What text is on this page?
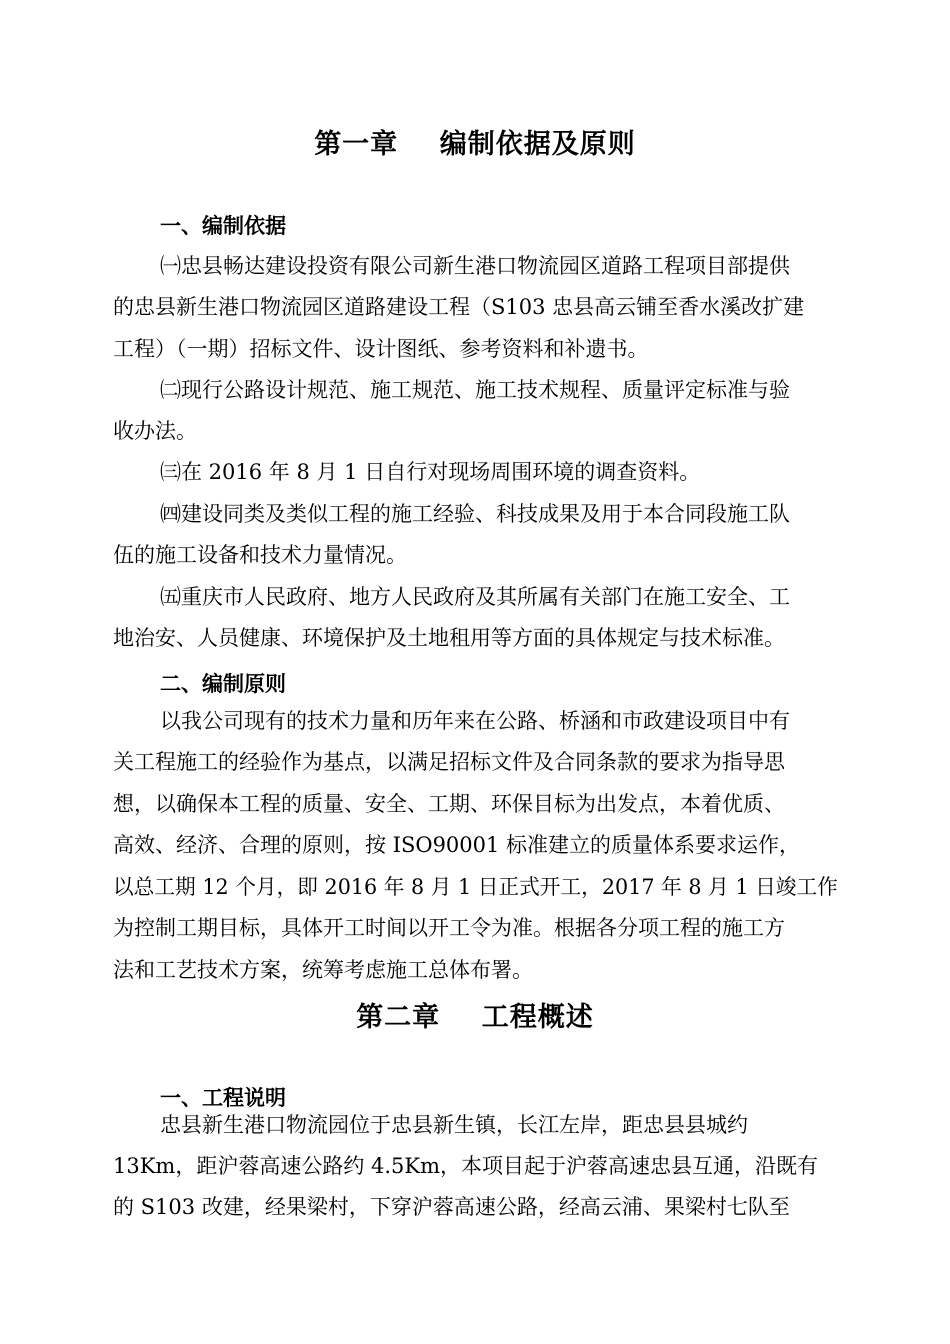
第一章    编制依据及原则
一、编制依据

㈠忠县畅达建设投资有限公司新生港口物流园区道路工程项目部提供

的忠县新生港口物流园区道路建设工程（S103 忠县高云铺至香水溪改扩建

工程）（一期）招标文件、设计图纸、参考资料和补遗书。

㈡现行公路设计规范、施工规范、施工技术规程、质量评定标准与验

收办法。

㈢在 2016 年 8 月 1 日自行对现场周围环境的调查资料。

㈣建设同类及类似工程的施工经验、科技成果及用于本合同段施工队

伍的施工设备和技术力量情况。

㈤重庆市人民政府、地方人民政府及其所属有关部门在施工安全、工

地治安、人员健康、环境保护及土地租用等方面的具体规定与技术标准。

二、编制原则

以我公司现有的技术力量和历年来在公路、桥涵和市政建设项目中有

关工程施工的经验作为基点，以满足招标文件及合同条款的要求为指导思

想，以确保本工程的质量、安全、工期、环保目标为出发点，本着优质、

高效、经济、合理的原则，按 ISO90001 标准建立的质量体系要求运作，

以总工期 12 个月，即 2016 年 8 月 1 日正式开工，2017 年 8 月 1 日竣工作

为控制工期目标，具体开工时间以开工令为准。根据各分项工程的施工方

法和工艺技术方案，统筹考虑施工总体布署。

第二章    工程概述
一、工程说明

忠县新生港口物流园位于忠县新生镇，长江左岸，距忠县县城约

13Km，距沪蓉高速公路约 4.5Km，本项目起于沪蓉高速忠县互通，沿既有

的 S103 改建，经果梁村，下穿沪蓉高速公路，经高云浦、果梁村七队至
